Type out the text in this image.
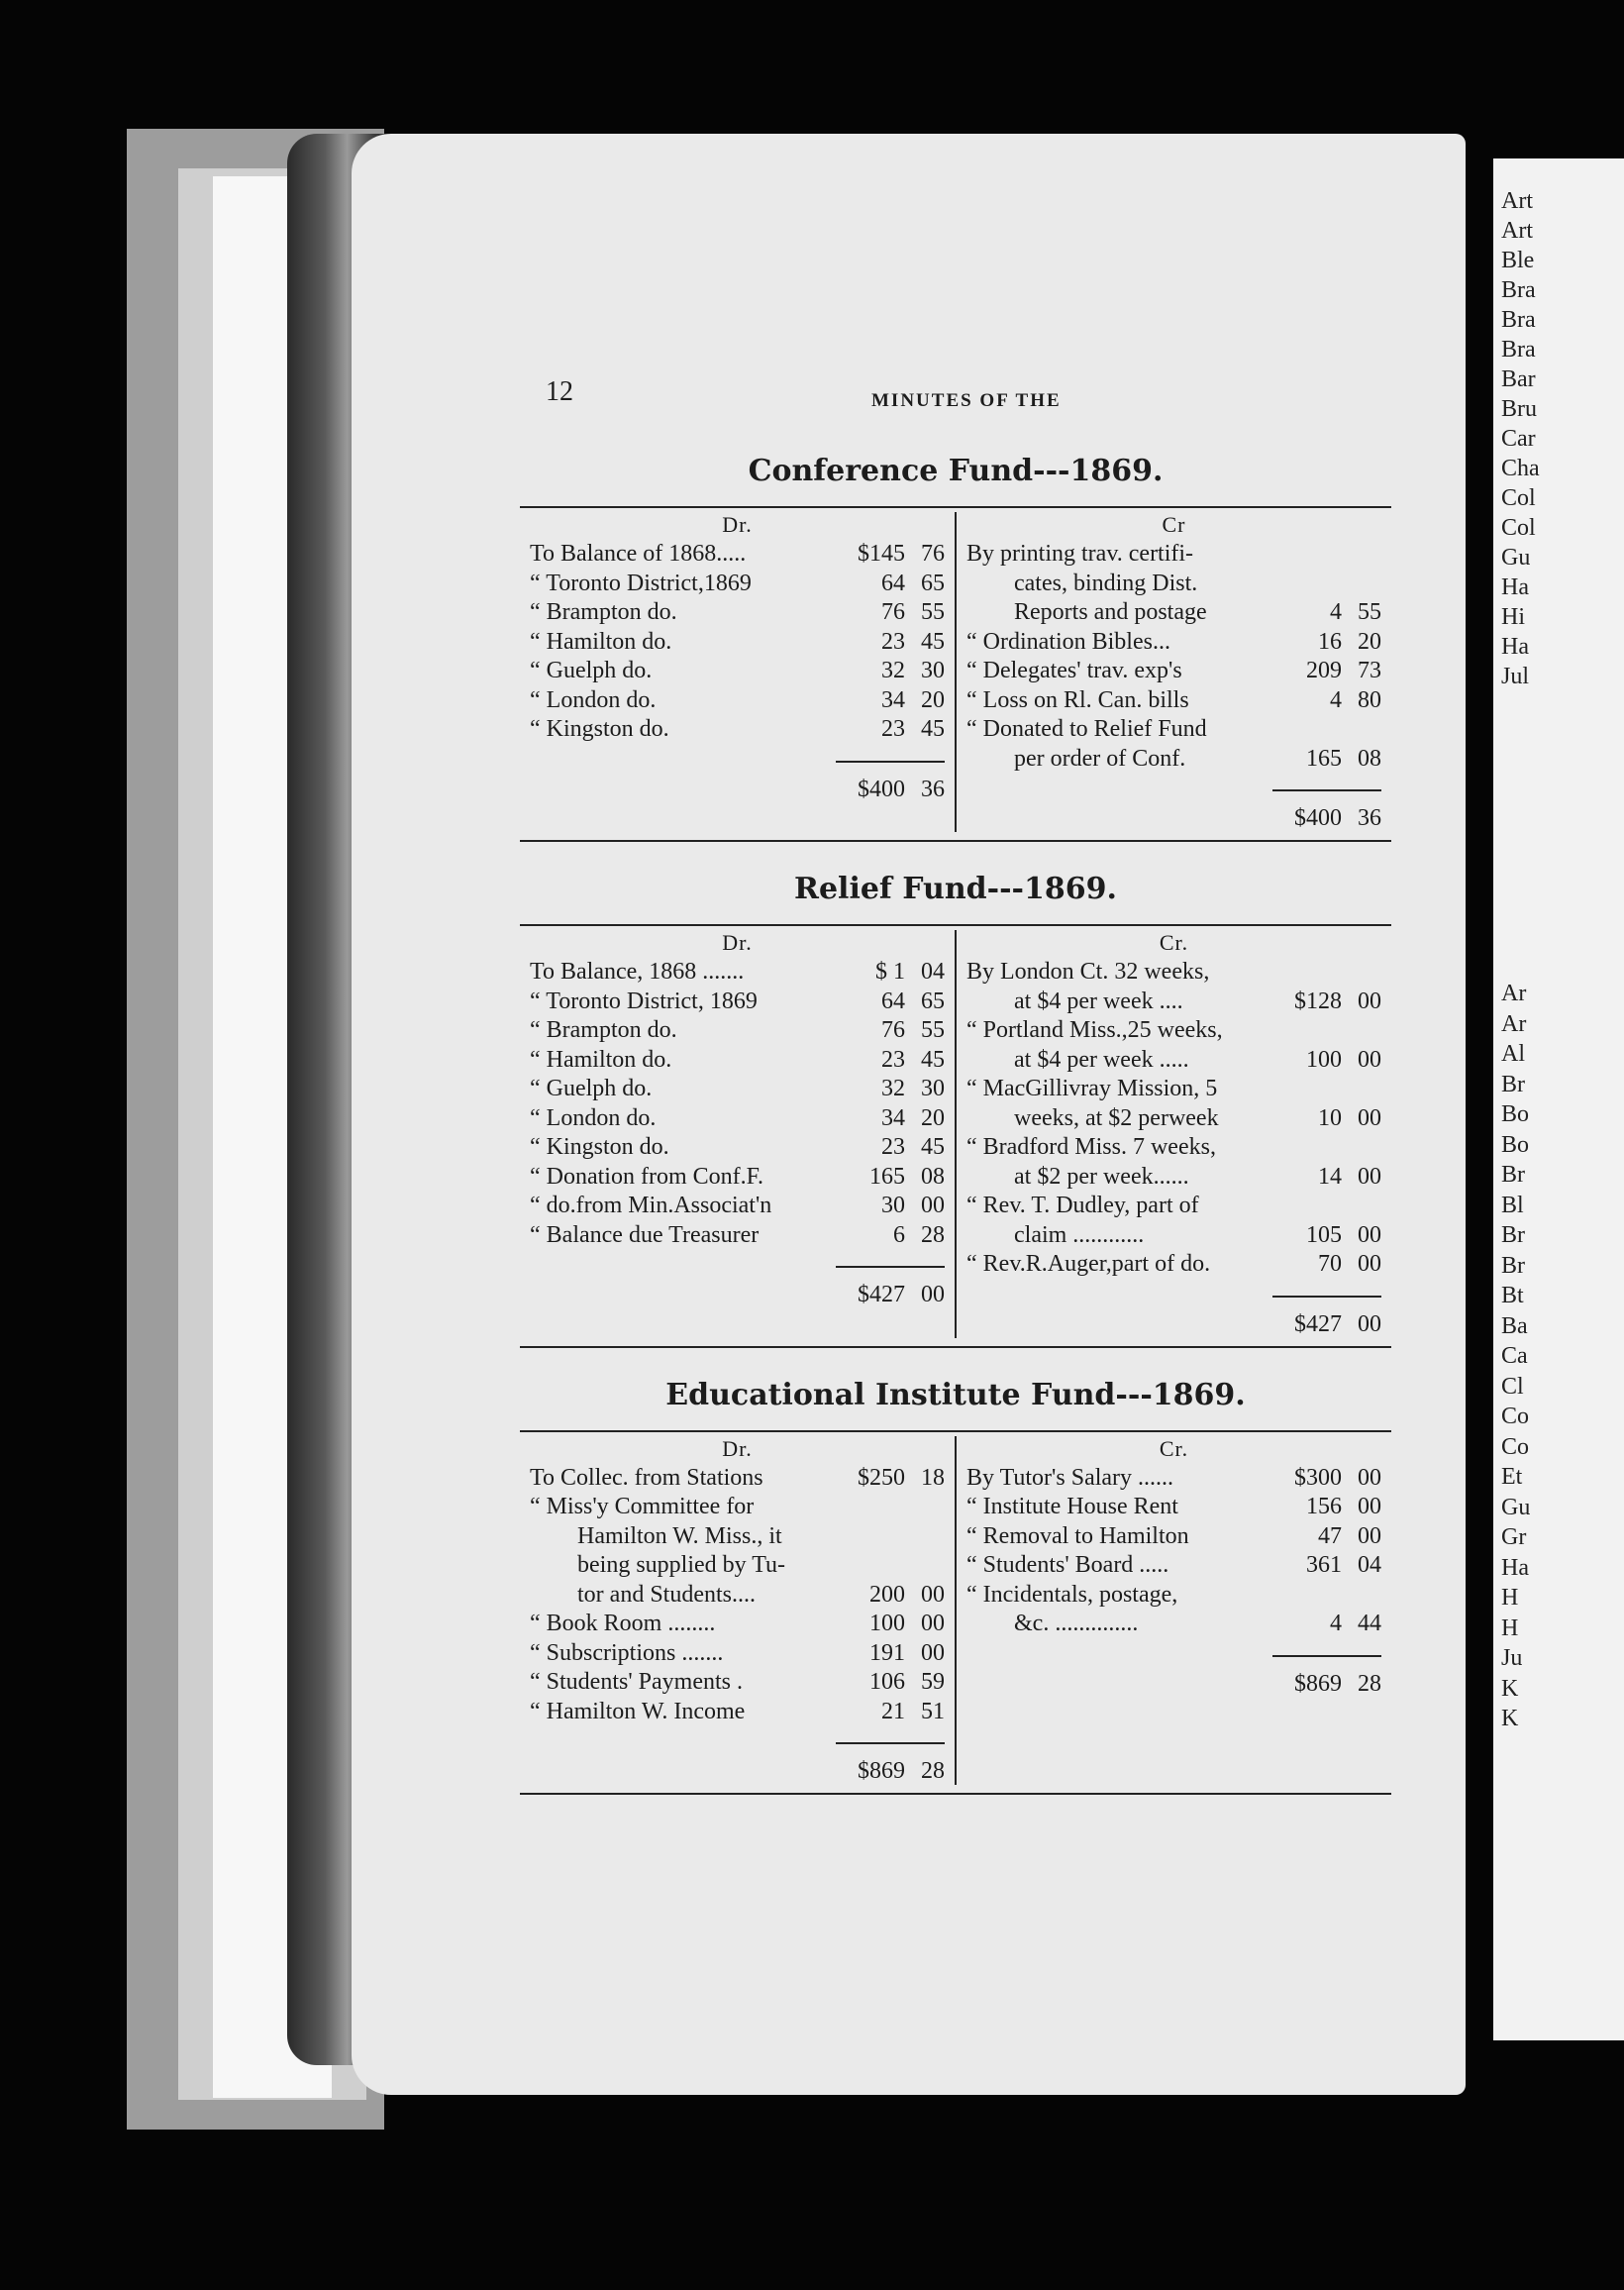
Art
Art
Ble
Bra
Bra
Bra
Bar
Bru
Car
Cha
Col
Col
Gu
Ha
Hi
Ha
Jul
Ar
Ar
Al
Br
Bo
Bo
Br
Bl
Br
Br
Bt
Ba
Ca
Cl
Co
Co
Et
Gu
Gr
Ha
H
H
Ju
K
K
12	MINUTES OF THE
Conference Fund---1869.
Dr.
To Balance of 1868.....	$145 76
“ Toronto District,1869	64 65
“ Brampton do.	76 55
“ Hamilton do.	23 45
“ Guelph do.	32 30
“ London do.	34 20
“ Kingston do.	23 45
$400 36
Cr
By printing trav. certifi-
cates, binding Dist.
Reports and postage	4 55
“ Ordination Bibles...	16 20
“ Delegates' trav. exp's	209 73
“ Loss on Rl. Can. bills	4 80
“ Donated to Relief Fund
per order of Conf.	165 08
$400 36
Relief Fund---1869.
Dr.
To Balance, 1868 .......	$ 1 04
“ Toronto District, 1869	64 65
“ Brampton do.	76 55
“ Hamilton do.	23 45
“ Guelph do.	32 30
“ London do.	34 20
“ Kingston do.	23 45
“ Donation from Conf.F.	165 08
“ do.from Min.Associat'n	30 00
“ Balance due Treasurer	6 28
$427 00
Cr.
By London Ct. 32 weeks,
at $4 per week ....	$128 00
“ Portland Miss.,25 weeks,
at $4 per week .....	100 00
“ MacGillivray Mission, 5
weeks, at $2 perweek	10 00
“ Bradford Miss. 7 weeks,
at $2 per week......	14 00
“ Rev. T. Dudley, part of
claim ............	105 00
“ Rev.R.Auger,part of do.	70 00
$427 00
Educational Institute Fund---1869.
Dr.
To Collec. from Stations	$250 18
“ Miss'y Committee for
Hamilton W. Miss., it
being supplied by Tu-
tor and Students....	200 00
“ Book Room ........	100 00
“ Subscriptions .......	191 00
“ Students' Payments .	106 59
“ Hamilton W. Income	21 51
$869 28
Cr.
By Tutor's Salary ......	$300 00
“ Institute House Rent	156 00
“ Removal to Hamilton	47 00
“ Students' Board .....	361 04
“ Incidentals, postage,
&c. ..............	4 44
$869 28
